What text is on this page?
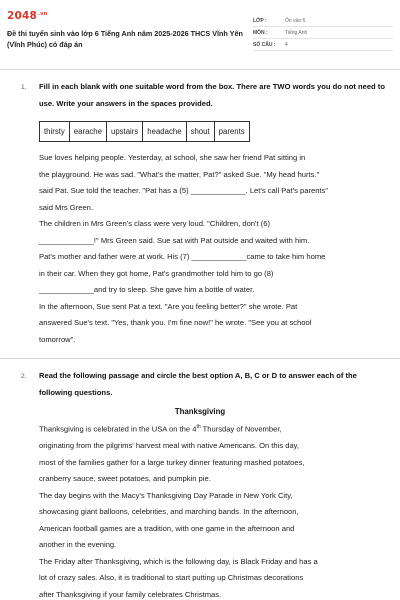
$2048^{.vn}$
Đề thi tuyển sinh vào lớp 6 Tiếng Anh năm 2025-2026 THCS Vĩnh Yên (Vĩnh Phúc) có đáp án
LỚP :	Ôn vào 6
MÔN :	Tiếng Anh
SỐ CÂU : 4
1. Fill in each blank with one suitable word from the box. There are TWO words you do not need to use. Write your answers in the spaces provided.
thirsty	earache	upstairs	headache	shout	parents
Sue loves helping people. Yesterday, at school, she saw her friend Pat sitting in
the playground. He was sad. "What's the matter, Pat?" asked Sue. "My head hurts."
said Pat. Sue told the teacher. "Pat has a (5) _____________. Let's call Pat's parents"
said Mrs Green.
The children in Mrs Green's class were very loud. "Children, don't (6)
_____________!" Mrs Green said. Sue sat with Pat outside and waited with him.
Pat's mother and father were at work. His (7) _____________came to take him home
in their car. When they got home, Pat's grandmother told him to go (8)
_____________and try to sleep. She gave him a bottle of water.
In the afternoon, Sue sent Pat a text. "Are you feeling better?" she wrote. Pat
answered Sue's text. "Yes, thank you. I'm fine now!" he wrote. "See you at school
tomorrow".
2. Read the following passage and circle the best option A, B, C or D to answer each of the following questions.
Thanksgiving
Thanksgiving is celebrated in the USA on the 4th Thursday of November,
originating from the pilgrims' harvest meal with native Americans. On this day,
most of the families gather for a large turkey dinner featuring mashed potatoes,
cranberry sauce, sweet potatoes, and pumpkin pie.
The day begins with the Macy's Thanksgiving Day Parade in New York City,
showcasing giant balloons, celebrities, and marching bands. In the afternoon,
American football games are a tradition, with one game in the afternoon and
another in the evening.
The Friday after Thanksgiving, which is the following day, is Black Friday and has a
lot of crazy sales. Also, it is traditional to start putting up Christmas decorations
after Thanksgiving if your family celebrates Christmas.
